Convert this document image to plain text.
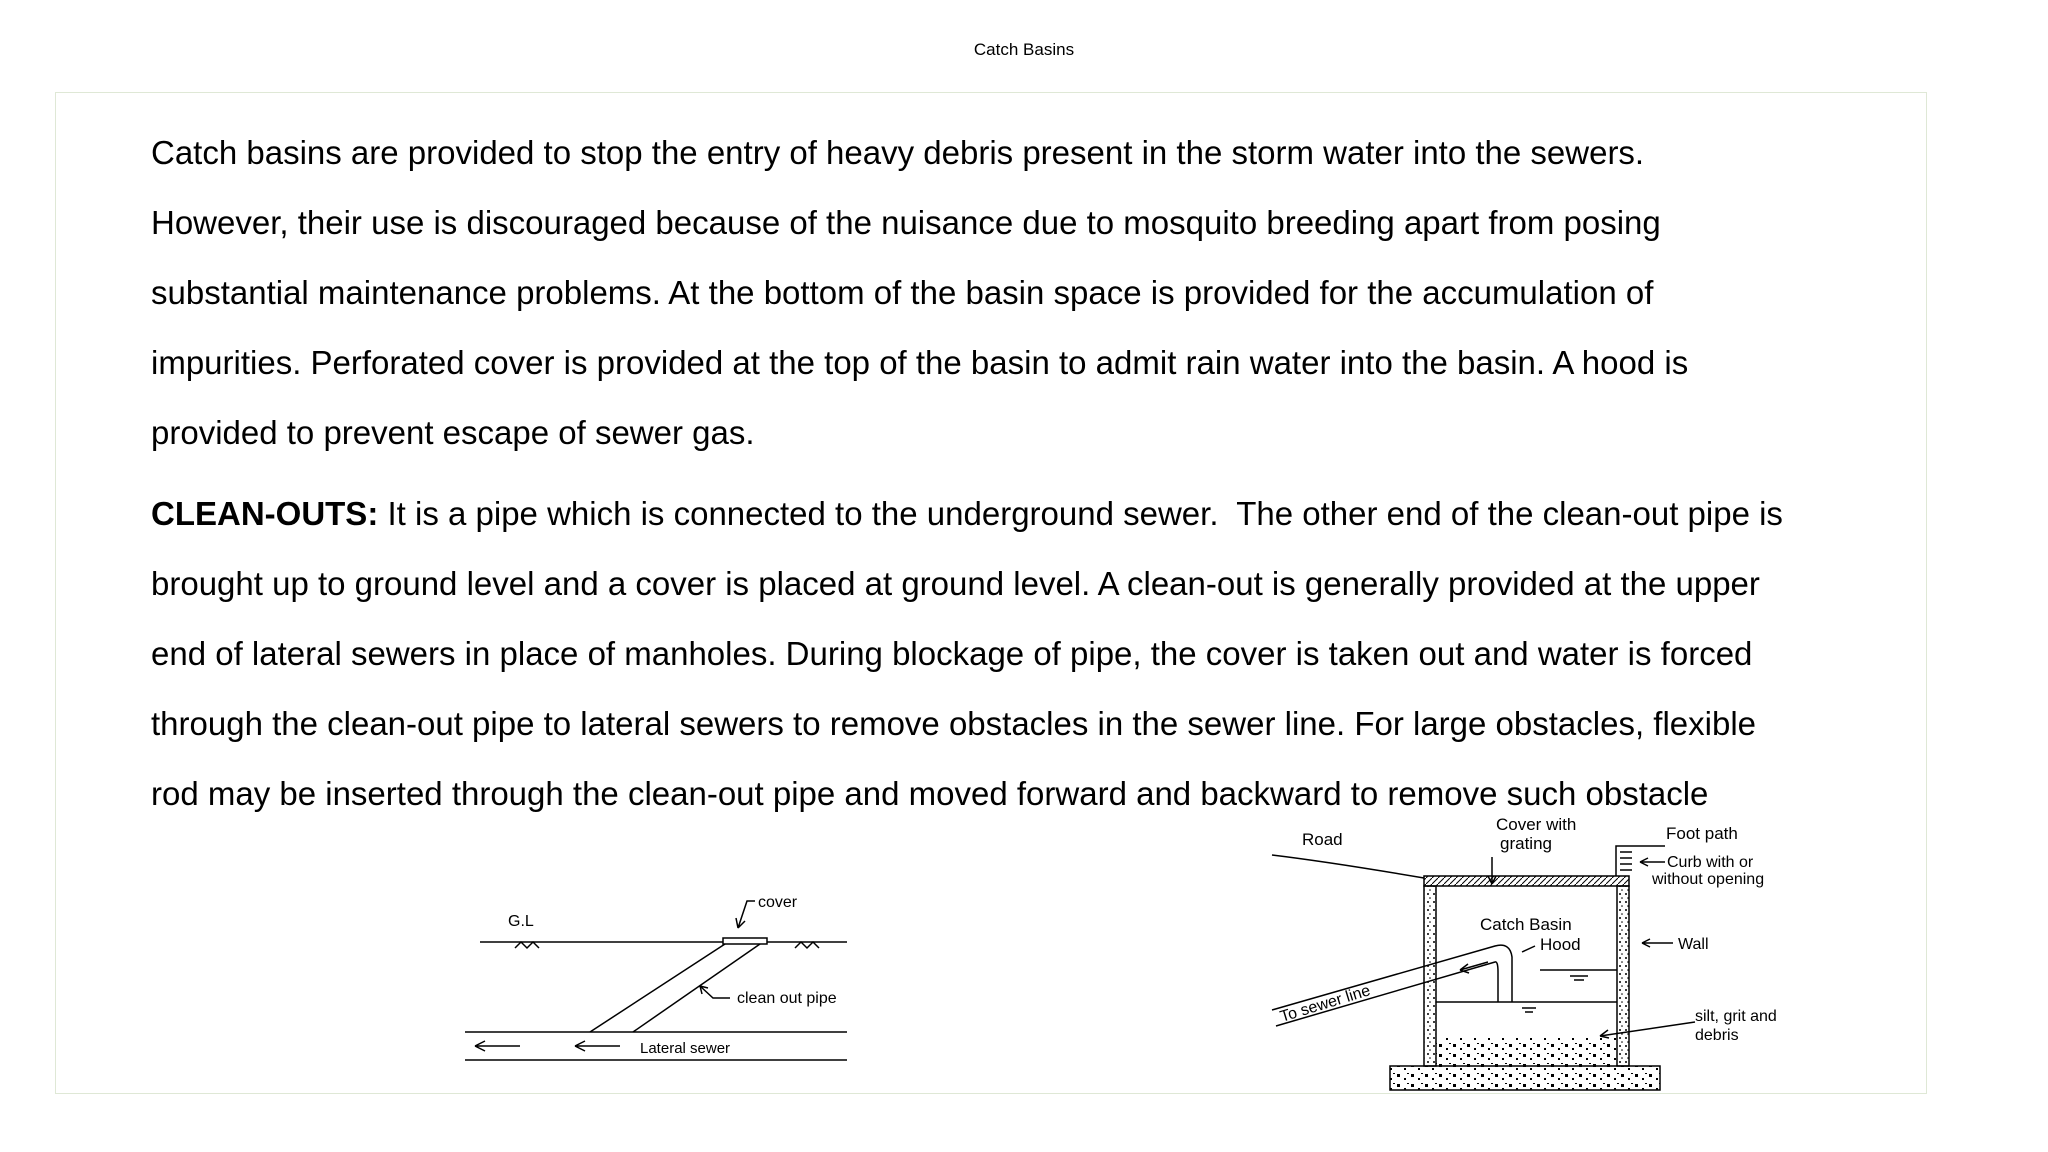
Catch Basins

Catch basins are provided to stop the entry of heavy debris present in the storm water into the sewers.
However, their use is discouraged because of the nuisance due to mosquito breeding apart from posing
substantial maintenance problems. At the bottom of the basin space is provided for the accumulation of
impurities. Perforated cover is provided at the top of the basin to admit rain water into the basin. A hood is
provided to prevent escape of sewer gas.

CLEAN-OUTS: It is a pipe which is connected to the underground sewer.  The other end of the clean-out pipe is
brought up to ground level and a cover is placed at ground level. A clean-out is generally provided at the upper
end of lateral sewers in place of manholes. During blockage of pipe, the cover is taken out and water is forced
through the clean-out pipe to lateral sewers to remove obstacles in the sewer line. For large obstacles, flexible
rod may be inserted through the clean-out pipe and moved forward and backward to remove such obstacle

G.L
cover
clean out pipe
Lateral sewer
Road
Cover with
grating
Foot path
Curb with or
without opening
Catch Basin
Hood	Wall
To sewer line	silt, grit and
debris
